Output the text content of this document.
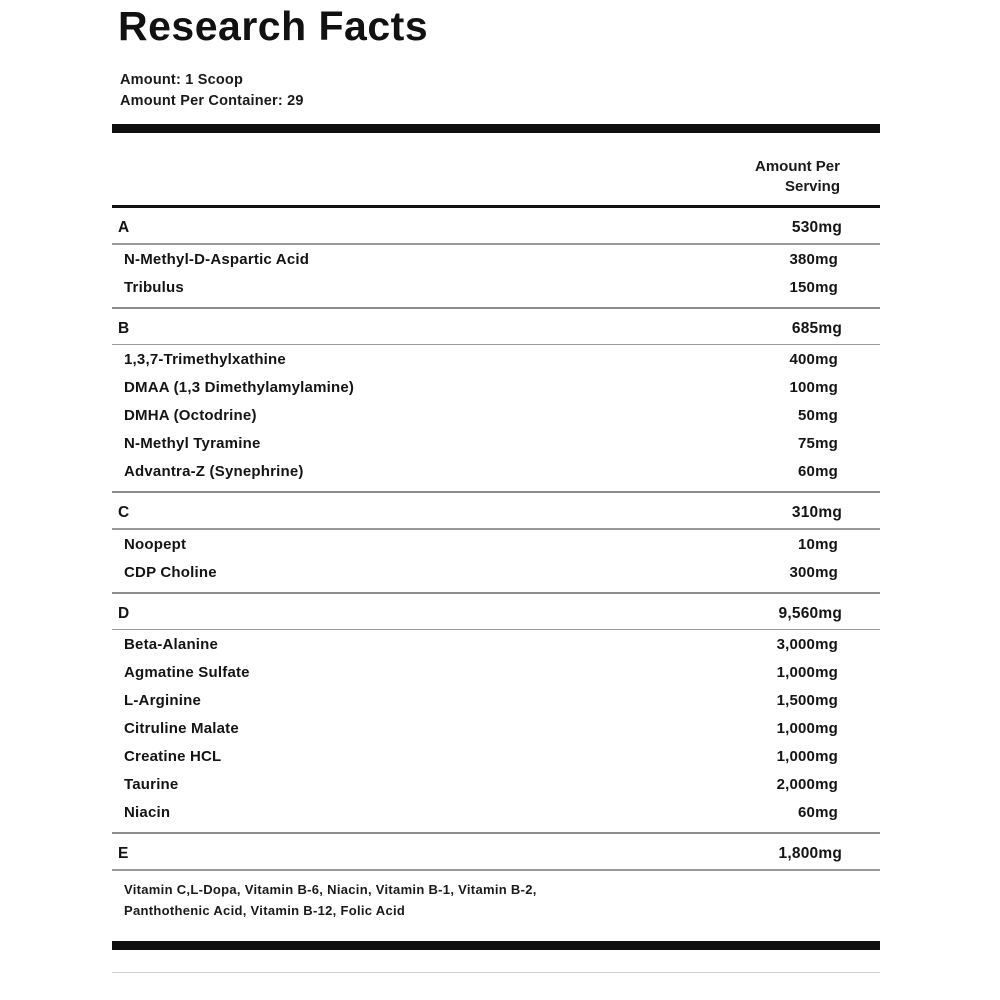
Research Facts
Amount: 1 Scoop
Amount Per Container: 29
Amount Per
Serving
A	530mg
N-Methyl-D-Aspartic Acid	380mg
Tribulus	150mg
B	685mg
1,3,7-Trimethylxathine	400mg
DMAA (1,3 Dimethylamylamine)	100mg
DMHA (Octodrine)	50mg
N-Methyl Tyramine	75mg
Advantra-Z (Synephrine)	60mg
C	310mg
Noopept	10mg
CDP Choline	300mg
D	9,560mg
Beta-Alanine	3,000mg
Agmatine Sulfate	1,000mg
L-Arginine	1,500mg
Citruline Malate	1,000mg
Creatine HCL	1,000mg
Taurine	2,000mg
Niacin	60mg
E	1,800mg
Vitamin C,L-Dopa, Vitamin B-6, Niacin, Vitamin B-1, Vitamin B-2,
Panthothenic Acid, Vitamin B-12, Folic Acid
